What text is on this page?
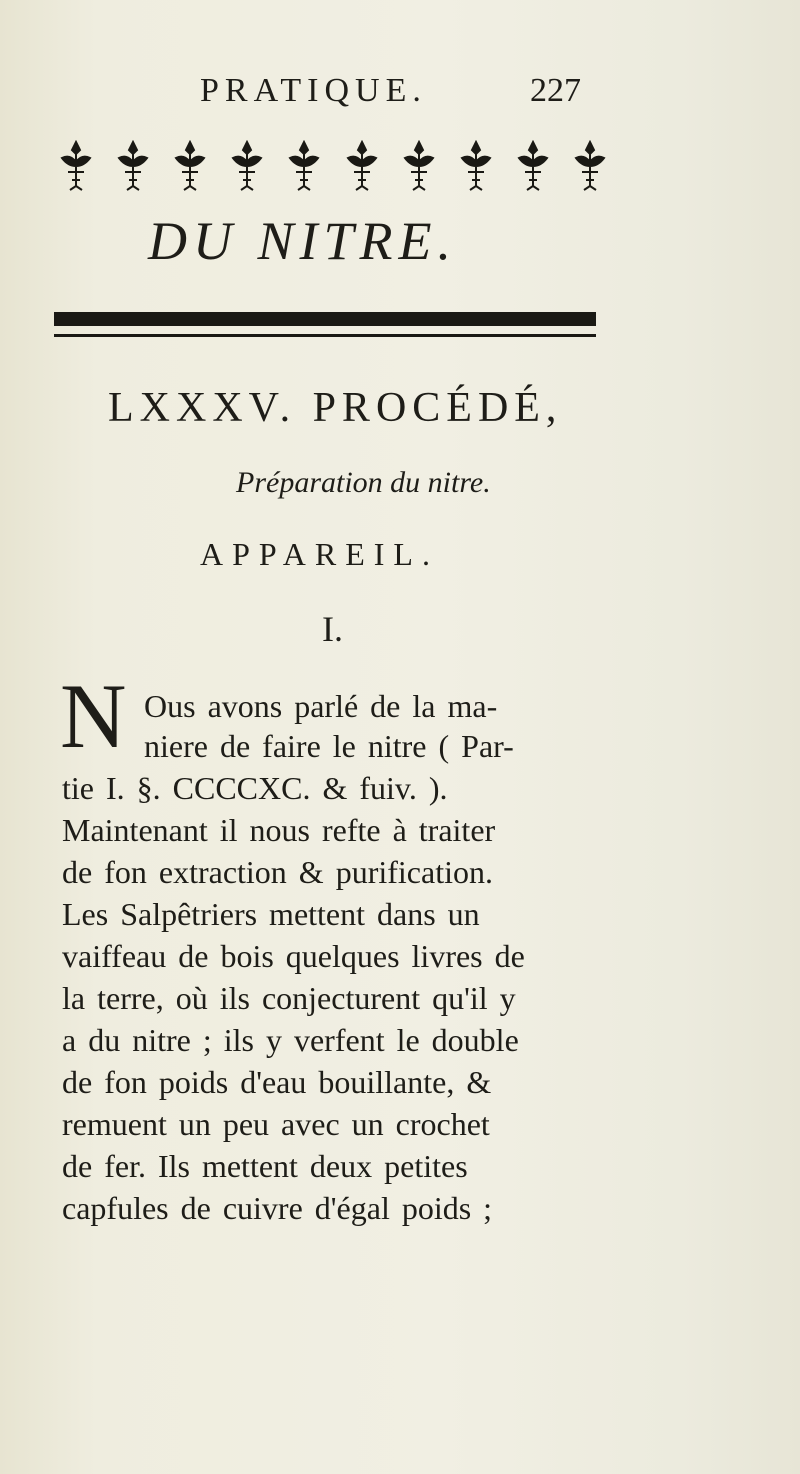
PRATIQUE.	227
DU NITRE.
LXXXV. PROCÉDÉ,
Préparation du nitre.
APPAREIL.
I.
N Ous avons parlé de la ma-
niere de faire le nitre ( Par-
tie I. §. CCCCXC. & fuiv. ).
Maintenant il nous refte à traiter
de fon extraction & purification.
Les Salpêtriers mettent dans un
vaiffeau de bois quelques livres de
la terre, où ils conjecturent qu'il y
a du nitre ; ils y verfent le double
de fon poids d'eau bouillante, &
remuent un peu avec un crochet
de fer. Ils mettent deux petites
capfules de cuivre d'égal poids ;
